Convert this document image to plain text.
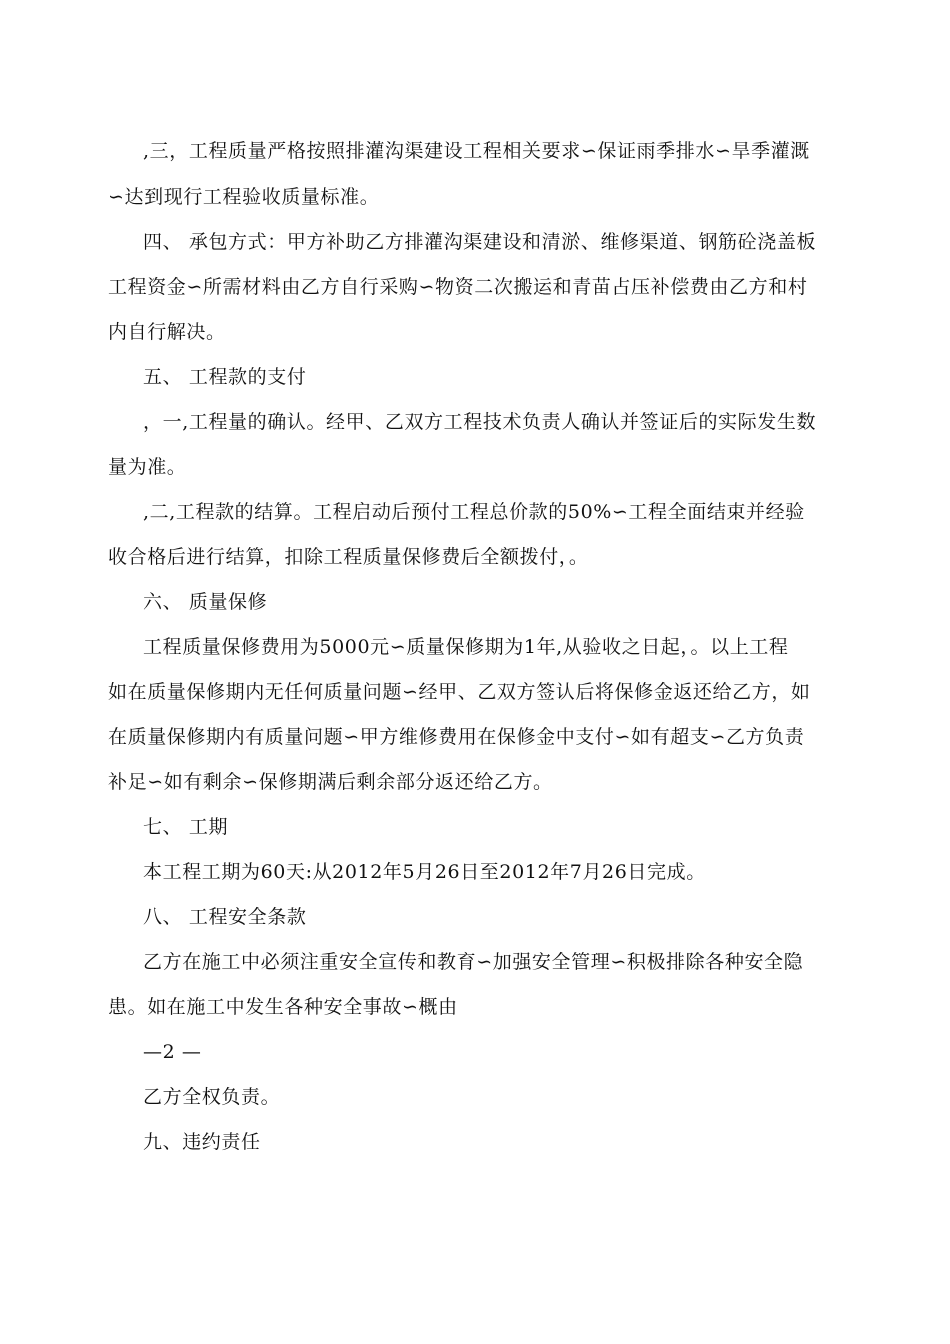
,三，工程质量严格按照排灌沟渠建设工程相关要求∽保证雨季排水∽旱季灌溉
∽达到现行工程验收质量标准。
四、 承包方式：甲方补助乙方排灌沟渠建设和清淤、维修渠道、钢筋砼浇盖板
工程资金∽所需材料由乙方自行采购∽物资二次搬运和青苗占压补偿费由乙方和村
内自行解决。
五、 工程款的支付
，一,工程量的确认。经甲、乙双方工程技术负责人确认并签证后的实际发生数
量为准。
,二,工程款的结算。工程启动后预付工程总价款的50%∽工程全面结束并经验
收合格后进行结算，扣除工程质量保修费后全额拨付，。
六、 质量保修
工程质量保修费用为5000元∽质量保修期为1年,从验收之日起，。以上工程
如在质量保修期内无任何质量问题∽经甲、乙双方签认后将保修金返还给乙方，如
在质量保修期内有质量问题∽甲方维修费用在保修金中支付∽如有超支∽乙方负责
补足∽如有剩余∽保修期满后剩余部分返还给乙方。
七、 工期
本工程工期为60天:从2012年5月26日至2012年7月26日完成。
八、 工程安全条款
乙方在施工中必须注重安全宣传和教育∽加强安全管理∽积极排除各种安全隐
患。如在施工中发生各种安全事故∽概由
—2 —
乙方全权负责。
九、违约责任
